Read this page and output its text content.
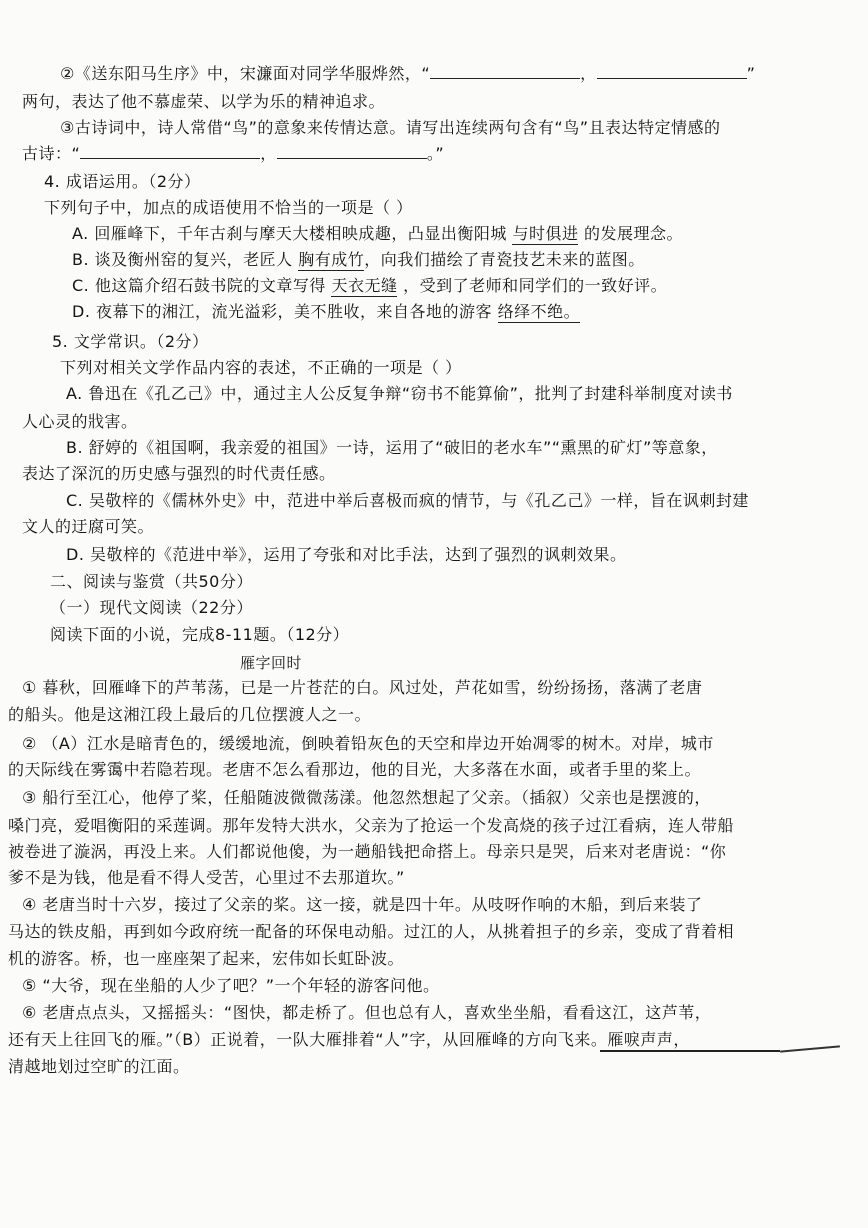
②《送东阳马生序》中，宋濂面对同学华服烨然，“	，	”
两句，表达了他不慕虚荣、以学为乐的精神追求。
③古诗词中，诗人常借“鸟”的意象来传情达意。请写出连续两句含有“鸟”且表达特定情感的
古诗：“	，	。”
4. 成语运用。（2分）
下列句子中，加点的成语使用不恰当的一项是（ ）
A. 回雁峰下，千年古刹与摩天大楼相映成趣，凸显出衡阳城 与时俱进 的发展理念。
B. 谈及衡州窑的复兴，老匠人 胸有成竹，向我们描绘了青瓷技艺未来的蓝图。
C. 他这篇介绍石鼓书院的文章写得 天衣无缝 ，受到了老师和同学们的一致好评。
D. 夜幕下的湘江，流光溢彩，美不胜收，来自各地的游客 络绎不绝。
5. 文学常识。（2分）
下列对相关文学作品内容的表述，不正确的一项是（ ）
A. 鲁迅在《孔乙己》中，通过主人公反复争辩“窃书不能算偷”，批判了封建科举制度对读书
人心灵的戕害。
B. 舒婷的《祖国啊，我亲爱的祖国》一诗，运用了“破旧的老水车”“熏黑的矿灯”等意象，
表达了深沉的历史感与强烈的时代责任感。
C. 吴敬梓的《儒林外史》中，范进中举后喜极而疯的情节，与《孔乙己》一样，旨在讽刺封建
文人的迂腐可笑。
D. 吴敬梓的《范进中举》，运用了夸张和对比手法，达到了强烈的讽刺效果。
二、阅读与鉴赏（共50分）
（一）现代文阅读（22分）
阅读下面的小说，完成8-11题。（12分）
雁字回时
① 暮秋，回雁峰下的芦苇荡，已是一片苍茫的白。风过处，芦花如雪，纷纷扬扬，落满了老唐
的船头。他是这湘江段上最后的几位摆渡人之一。
② （A）江水是暗青色的，缓缓地流，倒映着铅灰色的天空和岸边开始凋零的树木。对岸，城市
的天际线在雾霭中若隐若现。老唐不怎么看那边，他的目光，大多落在水面，或者手里的桨上。
③ 船行至江心，他停了桨，任船随波微微荡漾。他忽然想起了父亲。（插叙）父亲也是摆渡的，
嗓门亮，爱唱衡阳的采莲调。那年发特大洪水，父亲为了抢运一个发高烧的孩子过江看病，连人带船
被卷进了漩涡，再没上来。人们都说他傻，为一趟船钱把命搭上。母亲只是哭，后来对老唐说：“你
爹不是为钱，他是看不得人受苦，心里过不去那道坎。”
④ 老唐当时十六岁，接过了父亲的桨。这一接，就是四十年。从吱呀作响的木船，到后来装了
马达的铁皮船，再到如今政府统一配备的环保电动船。过江的人，从挑着担子的乡亲，变成了背着相
机的游客。桥，也一座座架了起来，宏伟如长虹卧波。
⑤ “大爷，现在坐船的人少了吧？”一个年轻的游客问他。
⑥ 老唐点点头，又摇摇头：“图快，都走桥了。但也总有人，喜欢坐坐船，看看这江，这芦苇，
还有天上往回飞的雁。”（B）正说着，一队大雁排着“人”字，从回雁峰的方向飞来。雁唳声声，
清越地划过空旷的江面。
